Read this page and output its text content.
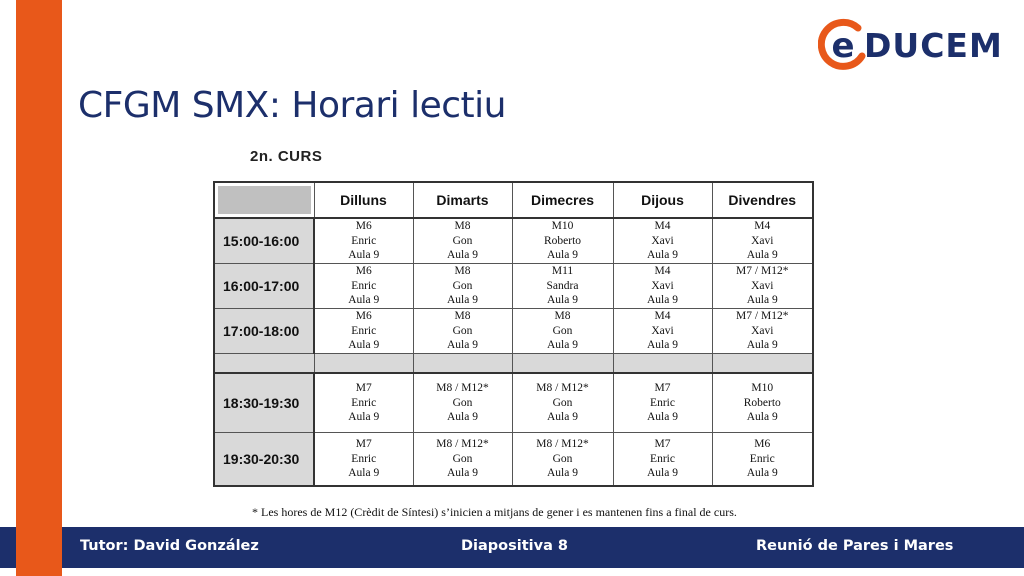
e DUCEM
CFGM SMX: Horari lectiu
2n. CURS
	Dilluns	Dimarts	Dimecres	Dijous	Divendres
15:00-16:00	M6
Enric
Aula 9	M8
Gon
Aula 9	M10
Roberto
Aula 9	M4
Xavi
Aula 9	M4
Xavi
Aula 9

16:00-17:00	M6
Enric
Aula 9	M8
Gon
Aula 9	M11
Sandra
Aula 9	M4
Xavi
Aula 9	M7 / M12*
Xavi
Aula 9

17:00-18:00	M6
Enric
Aula 9	M8
Gon
Aula 9	M8
Gon
Aula 9	M4
Xavi
Aula 9	M7 / M12*
Xavi
Aula 9

18:30-19:30	M7
Enric
Aula 9	M8 / M12*
Gon
Aula 9	M8 / M12*
Gon
Aula 9	M7
Enric
Aula 9	M10
Roberto
Aula 9

19:30-20:30	M7
Enric
Aula 9	M8 / M12*
Gon
Aula 9	M8 / M12*
Gon
Aula 9	M7
Enric
Aula 9	M6
Enric
Aula 9
* Les hores de M12 (Crèdit de Síntesi) s’inicien a mitjans de gener i es mantenen fins a final de curs.
Tutor: David González	Diapositiva 8	Reunió de Pares i Mares
